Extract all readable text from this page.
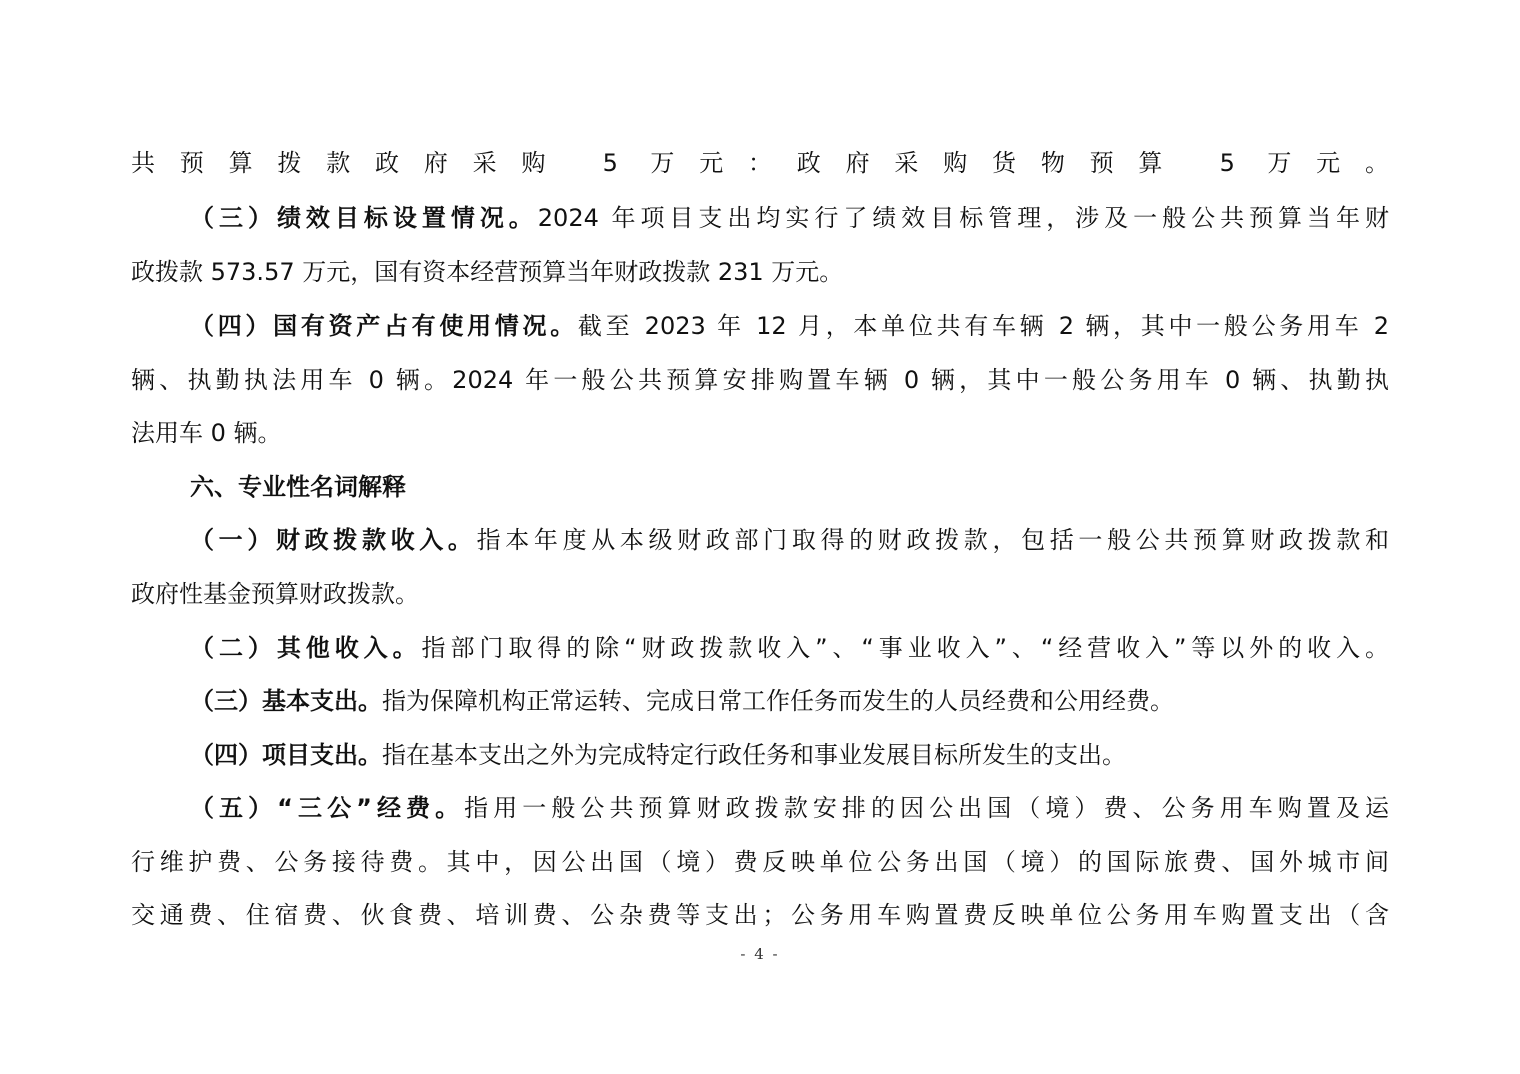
共预算拨款政府采购 5 万元：政府采购货物预算 5 万元。
（三）绩效目标设置情况。2024 年项目支出均实行了绩效目标管理，涉及一般公共预算当年财
政拨款 573.57 万元，国有资本经营预算当年财政拨款 231 万元。
（四）国有资产占有使用情况。截至 2023 年 12 月，本单位共有车辆 2 辆，其中一般公务用车 2
辆、执勤执法用车 0 辆。2024 年一般公共预算安排购置车辆 0 辆，其中一般公务用车 0 辆、执勤执
法用车 0 辆。
六、专业性名词解释
（一）财政拨款收入。指本年度从本级财政部门取得的财政拨款，包括一般公共预算财政拨款和
政府性基金预算财政拨款。
（二）其他收入。指部门取得的除“财政拨款收入”、“事业收入”、“经营收入”等以外的收入。
（三）基本支出。指为保障机构正常运转、完成日常工作任务而发生的人员经费和公用经费。
（四）项目支出。指在基本支出之外为完成特定行政任务和事业发展目标所发生的支出。
（五）“三公”经费。指用一般公共预算财政拨款安排的因公出国（境）费、公务用车购置及运
行维护费、公务接待费。其中，因公出国（境）费反映单位公务出国（境）的国际旅费、国外城市间
交通费、住宿费、伙食费、培训费、公杂费等支出；公务用车购置费反映单位公务用车购置支出（含
- 4 -
